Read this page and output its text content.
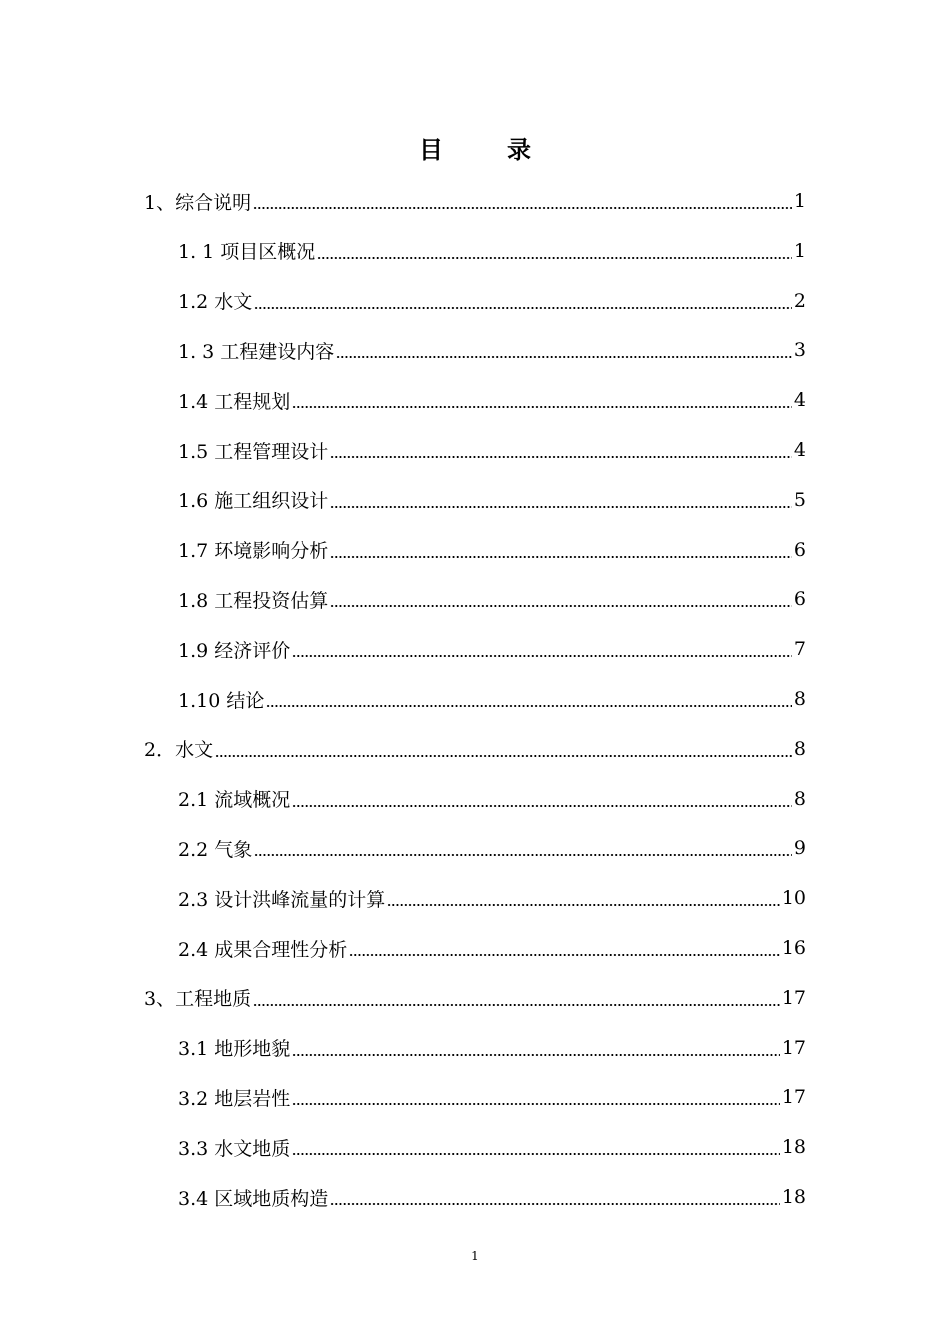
目录
1、综合说明	1
1. 1 项目区概况	1
1.2 水文	2
1. 3 工程建设内容	3
1.4 工程规划	4
1.5 工程管理设计	4
1.6 施工组织设计	5
1.7 环境影响分析	6
1.8 工程投资估算	6
1.9 经济评价	7
1.10 结论	8
2．水文	8
2.1 流域概况	8
2.2 气象	9
2.3 设计洪峰流量的计算	10
2.4 成果合理性分析	16
3、工程地质	17
3.1 地形地貌	17
3.2 地层岩性	17
3.3 水文地质	18
3.4 区域地质构造	18
1
